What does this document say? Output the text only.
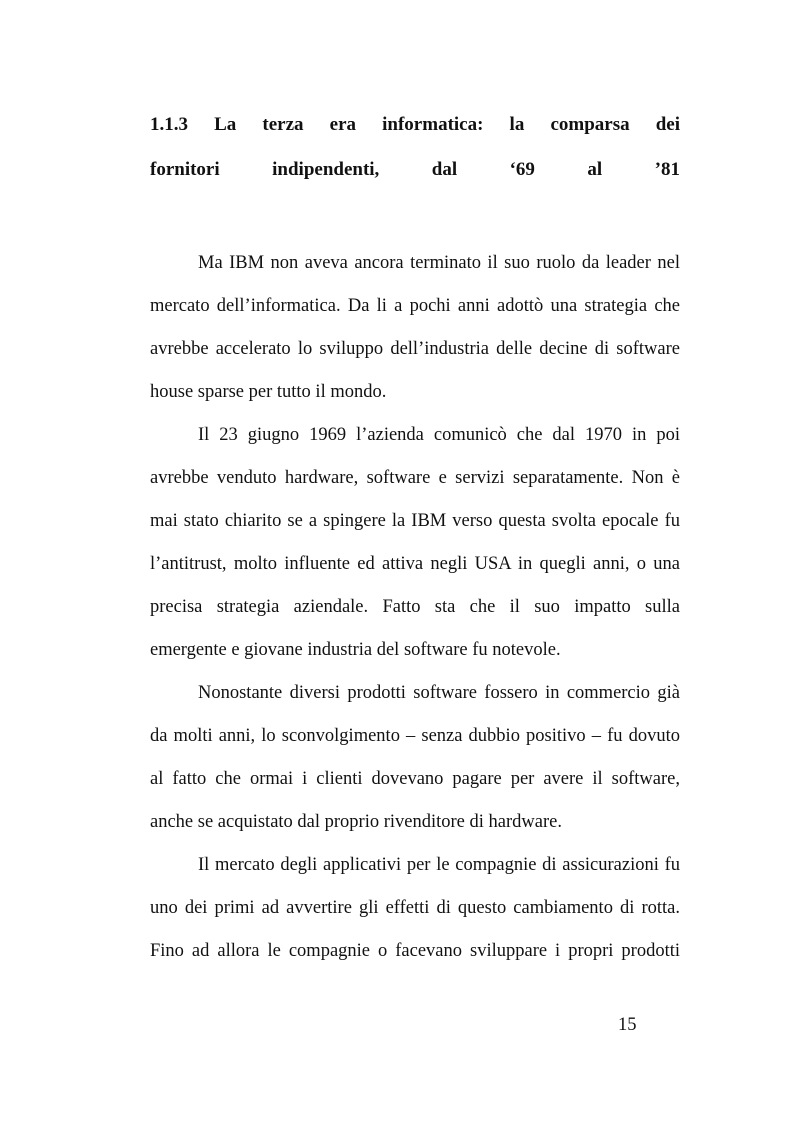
1.1.3 La terza era informatica: la comparsa dei
fornitori indipendenti, dal ‘69 al ’81
Ma IBM non aveva ancora terminato il suo ruolo da leader nel
mercato dell’informatica. Da li a pochi anni adottò una strategia che
avrebbe accelerato lo sviluppo dell’industria delle decine di software
house sparse per tutto il mondo.
Il 23 giugno 1969 l’azienda comunicò che dal 1970 in poi
avrebbe venduto hardware, software e servizi separatamente. Non è
mai stato chiarito se a spingere la IBM verso questa svolta epocale fu
l’antitrust, molto influente ed attiva negli USA in quegli anni, o una
precisa strategia aziendale. Fatto sta che il suo impatto sulla
emergente e giovane industria del software fu notevole.
Nonostante diversi prodotti software fossero in commercio già
da molti anni, lo sconvolgimento – senza dubbio positivo – fu dovuto
al fatto che ormai i clienti dovevano pagare per avere il software,
anche se acquistato dal proprio rivenditore di hardware.
Il mercato degli applicativi per le compagnie di assicurazioni fu
uno dei primi ad avvertire gli effetti di questo cambiamento di rotta.
Fino ad allora le compagnie o facevano sviluppare i propri prodotti
15
